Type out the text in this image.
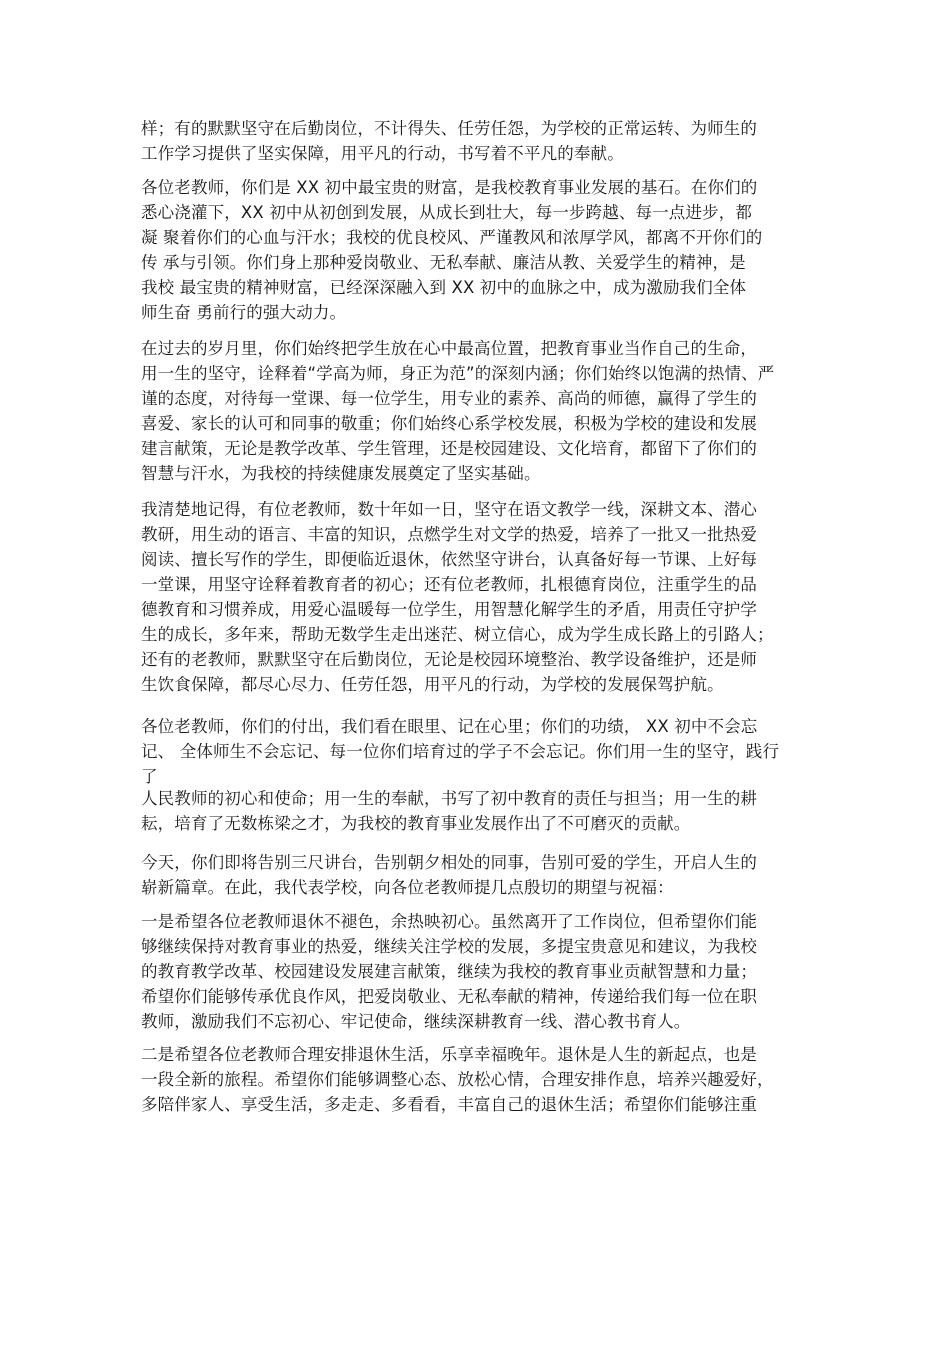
样；有的默默坚守在后勤岗位，不计得失、任劳任怨，为学校的正常运转、为师生的
工作学习提供了坚实保障，用平凡的行动，书写着不平凡的奉献。
各位老教师，你们是 XX 初中最宝贵的财富，是我校教育事业发展的基石。在你们的
悉心浇灌下，XX 初中从初创到发展，从成长到壮大，每一步跨越、每一点进步，都
凝 聚着你们的心血与汗水；我校的优良校风、严谨教风和浓厚学风，都离不开你们的
传 承与引领。你们身上那种爱岗敬业、无私奉献、廉洁从教、关爱学生的精神，是
我校 最宝贵的精神财富，已经深深融入到 XX 初中的血脉之中，成为激励我们全体
师生奋 勇前行的强大动力。
在过去的岁月里，你们始终把学生放在心中最高位置，把教育事业当作自己的生命，
用一生的坚守，诠释着“学高为师，身正为范”的深刻内涵；你们始终以饱满的热情、严
谨的态度，对待每一堂课、每一位学生，用专业的素养、高尚的师德，赢得了学生的
喜爱、家长的认可和同事的敬重；你们始终心系学校发展，积极为学校的建设和发展
建言献策，无论是教学改革、学生管理，还是校园建设、文化培育，都留下了你们的
智慧与汗水，为我校的持续健康发展奠定了坚实基础。
我清楚地记得，有位老教师，数十年如一日，坚守在语文教学一线，深耕文本、潜心
教研，用生动的语言、丰富的知识，点燃学生对文学的热爱，培养了一批又一批热爱
阅读、擅长写作的学生，即便临近退休，依然坚守讲台，认真备好每一节课、上好每
一堂课，用坚守诠释着教育者的初心；还有位老教师，扎根德育岗位，注重学生的品
德教育和习惯养成，用爱心温暖每一位学生，用智慧化解学生的矛盾，用责任守护学
生的成长，多年来，帮助无数学生走出迷茫、树立信心，成为学生成长路上的引路人；
还有的老教师，默默坚守在后勤岗位，无论是校园环境整治、教学设备维护，还是师
生饮食保障，都尽心尽力、任劳任怨，用平凡的行动，为学校的发展保驾护航。
各位老教师，你们的付出，我们看在眼里、记在心里；你们的功绩， XX 初中不会忘
记、 全体师生不会忘记、每一位你们培育过的学子不会忘记。你们用一生的坚守，践行
了
人民教师的初心和使命；用一生的奉献，书写了初中教育的责任与担当；用一生的耕
耘，培育了无数栋梁之才，为我校的教育事业发展作出了不可磨灭的贡献。
今天，你们即将告别三尺讲台，告别朝夕相处的同事，告别可爱的学生，开启人生的
崭新篇章。在此，我代表学校，向各位老教师提几点殷切的期望与祝福：
一是希望各位老教师退休不褪色，余热映初心。虽然离开了工作岗位，但希望你们能
够继续保持对教育事业的热爱，继续关注学校的发展，多提宝贵意见和建议，为我校
的教育教学改革、校园建设发展建言献策，继续为我校的教育事业贡献智慧和力量；
希望你们能够传承优良作风，把爱岗敬业、无私奉献的精神，传递给我们每一位在职
教师，激励我们不忘初心、牢记使命，继续深耕教育一线、潜心教书育人。
二是希望各位老教师合理安排退休生活，乐享幸福晚年。退休是人生的新起点，也是
一段全新的旅程。希望你们能够调整心态、放松心情，合理安排作息，培养兴趣爱好，
多陪伴家人、享受生活，多走走、多看看，丰富自己的退休生活；希望你们能够注重
